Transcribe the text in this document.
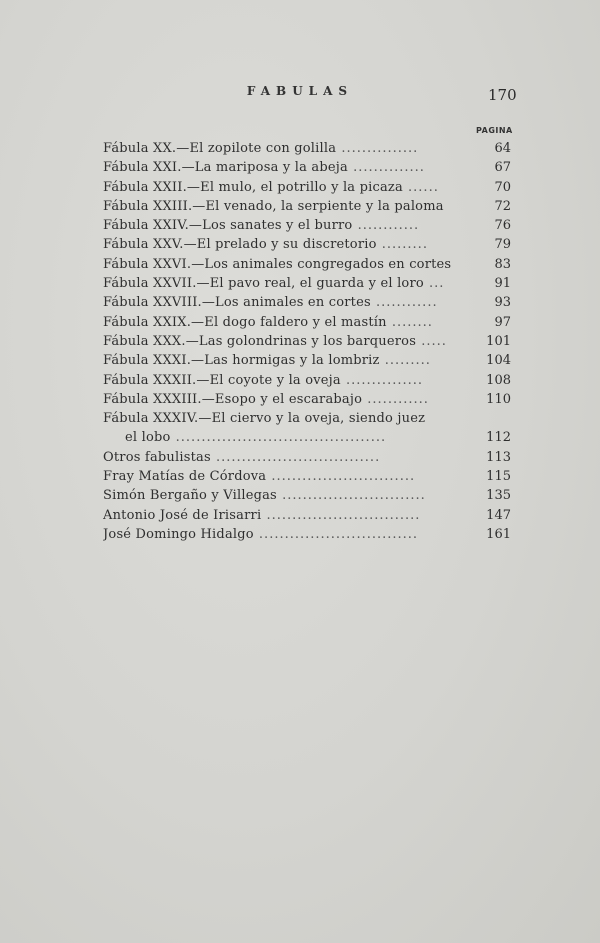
FABULAS	170
PAGINA
Fábula XX.—El zopilote con golilla ...............	64
Fábula XXI.—La mariposa y la abeja ..............	67
Fábula XXII.—El mulo, el potrillo y la picaza ......	70
Fábula XXIII.—El venado, la serpiente y la paloma	72
Fábula XXIV.—Los sanates y el burro ............	76
Fábula XXV.—El prelado y su discretorio .........	79
Fábula XXVI.—Los animales congregados en cortes	83
Fábula XXVII.—El pavo real, el guarda y el loro ...	91
Fábula XXVIII.—Los animales en cortes ............	93
Fábula XXIX.—El dogo faldero y el mastín ........	97
Fábula XXX.—Las golondrinas y los barqueros .....	101
Fábula XXXI.—Las hormigas y la lombriz .........	104
Fábula XXXII.—El coyote y la oveja ...............	108
Fábula XXXIII.—Esopo y el escarabajo ............	110
Fábula XXXIV.—El ciervo y la oveja, siendo juez
el lobo .........................................	112
Otros fabulistas ................................	113
Fray Matías de Córdova ............................	115
Simón Bergaño y Villegas ............................	135
Antonio José de Irisarri ..............................	147
José Domingo Hidalgo ...............................	161
